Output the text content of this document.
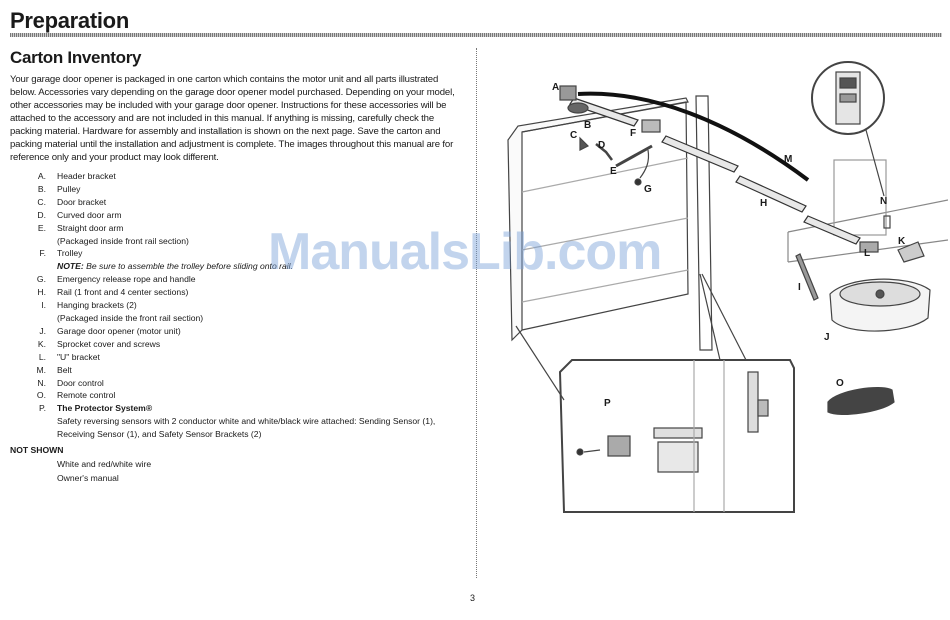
Preparation
Carton Inventory

Your garage door opener is packaged in one carton which contains the motor unit and all parts illustrated below. Accessories vary depending on the garage door opener model purchased. Depending on your model, other accessories may be included with your garage door opener. Instructions for these accessories will be attached to the accessory and are not included in this manual. If anything is missing, carefully check the packing material. Hardware for assembly and installation is shown on the next page. Save the carton and packing material until the installation and adjustment is complete. The images throughout this manual are for reference only and your product may look different.

A.	Header bracket
B.	Pulley
C.	Door bracket
D.	Curved door arm
E.	Straight door arm
(Packaged inside front rail section)
F.	Trolley
NOTE: Be sure to assemble the trolley before sliding onto rail.
G.	Emergency release rope and handle
H.	Rail (1 front and 4 center sections)
I.	Hanging brackets (2)
(Packaged inside the front rail section)
J.	Garage door opener (motor unit)
K.	Sprocket cover and screws
L.	"U" bracket
M.	Belt
N.	Door control
O.	Remote control
P.	The Protector System®
Safety reversing sensors with 2 conductor white and white/black wire attached: Sending Sensor (1), Receiving Sensor (1), and Safety Sensor Brackets (2)
NOT SHOWN
White and red/white wire
Owner's manual
A
B
C
D
E
F
G
H
M
N
K
L
I
J
O
P
ManualsLib.com
3
